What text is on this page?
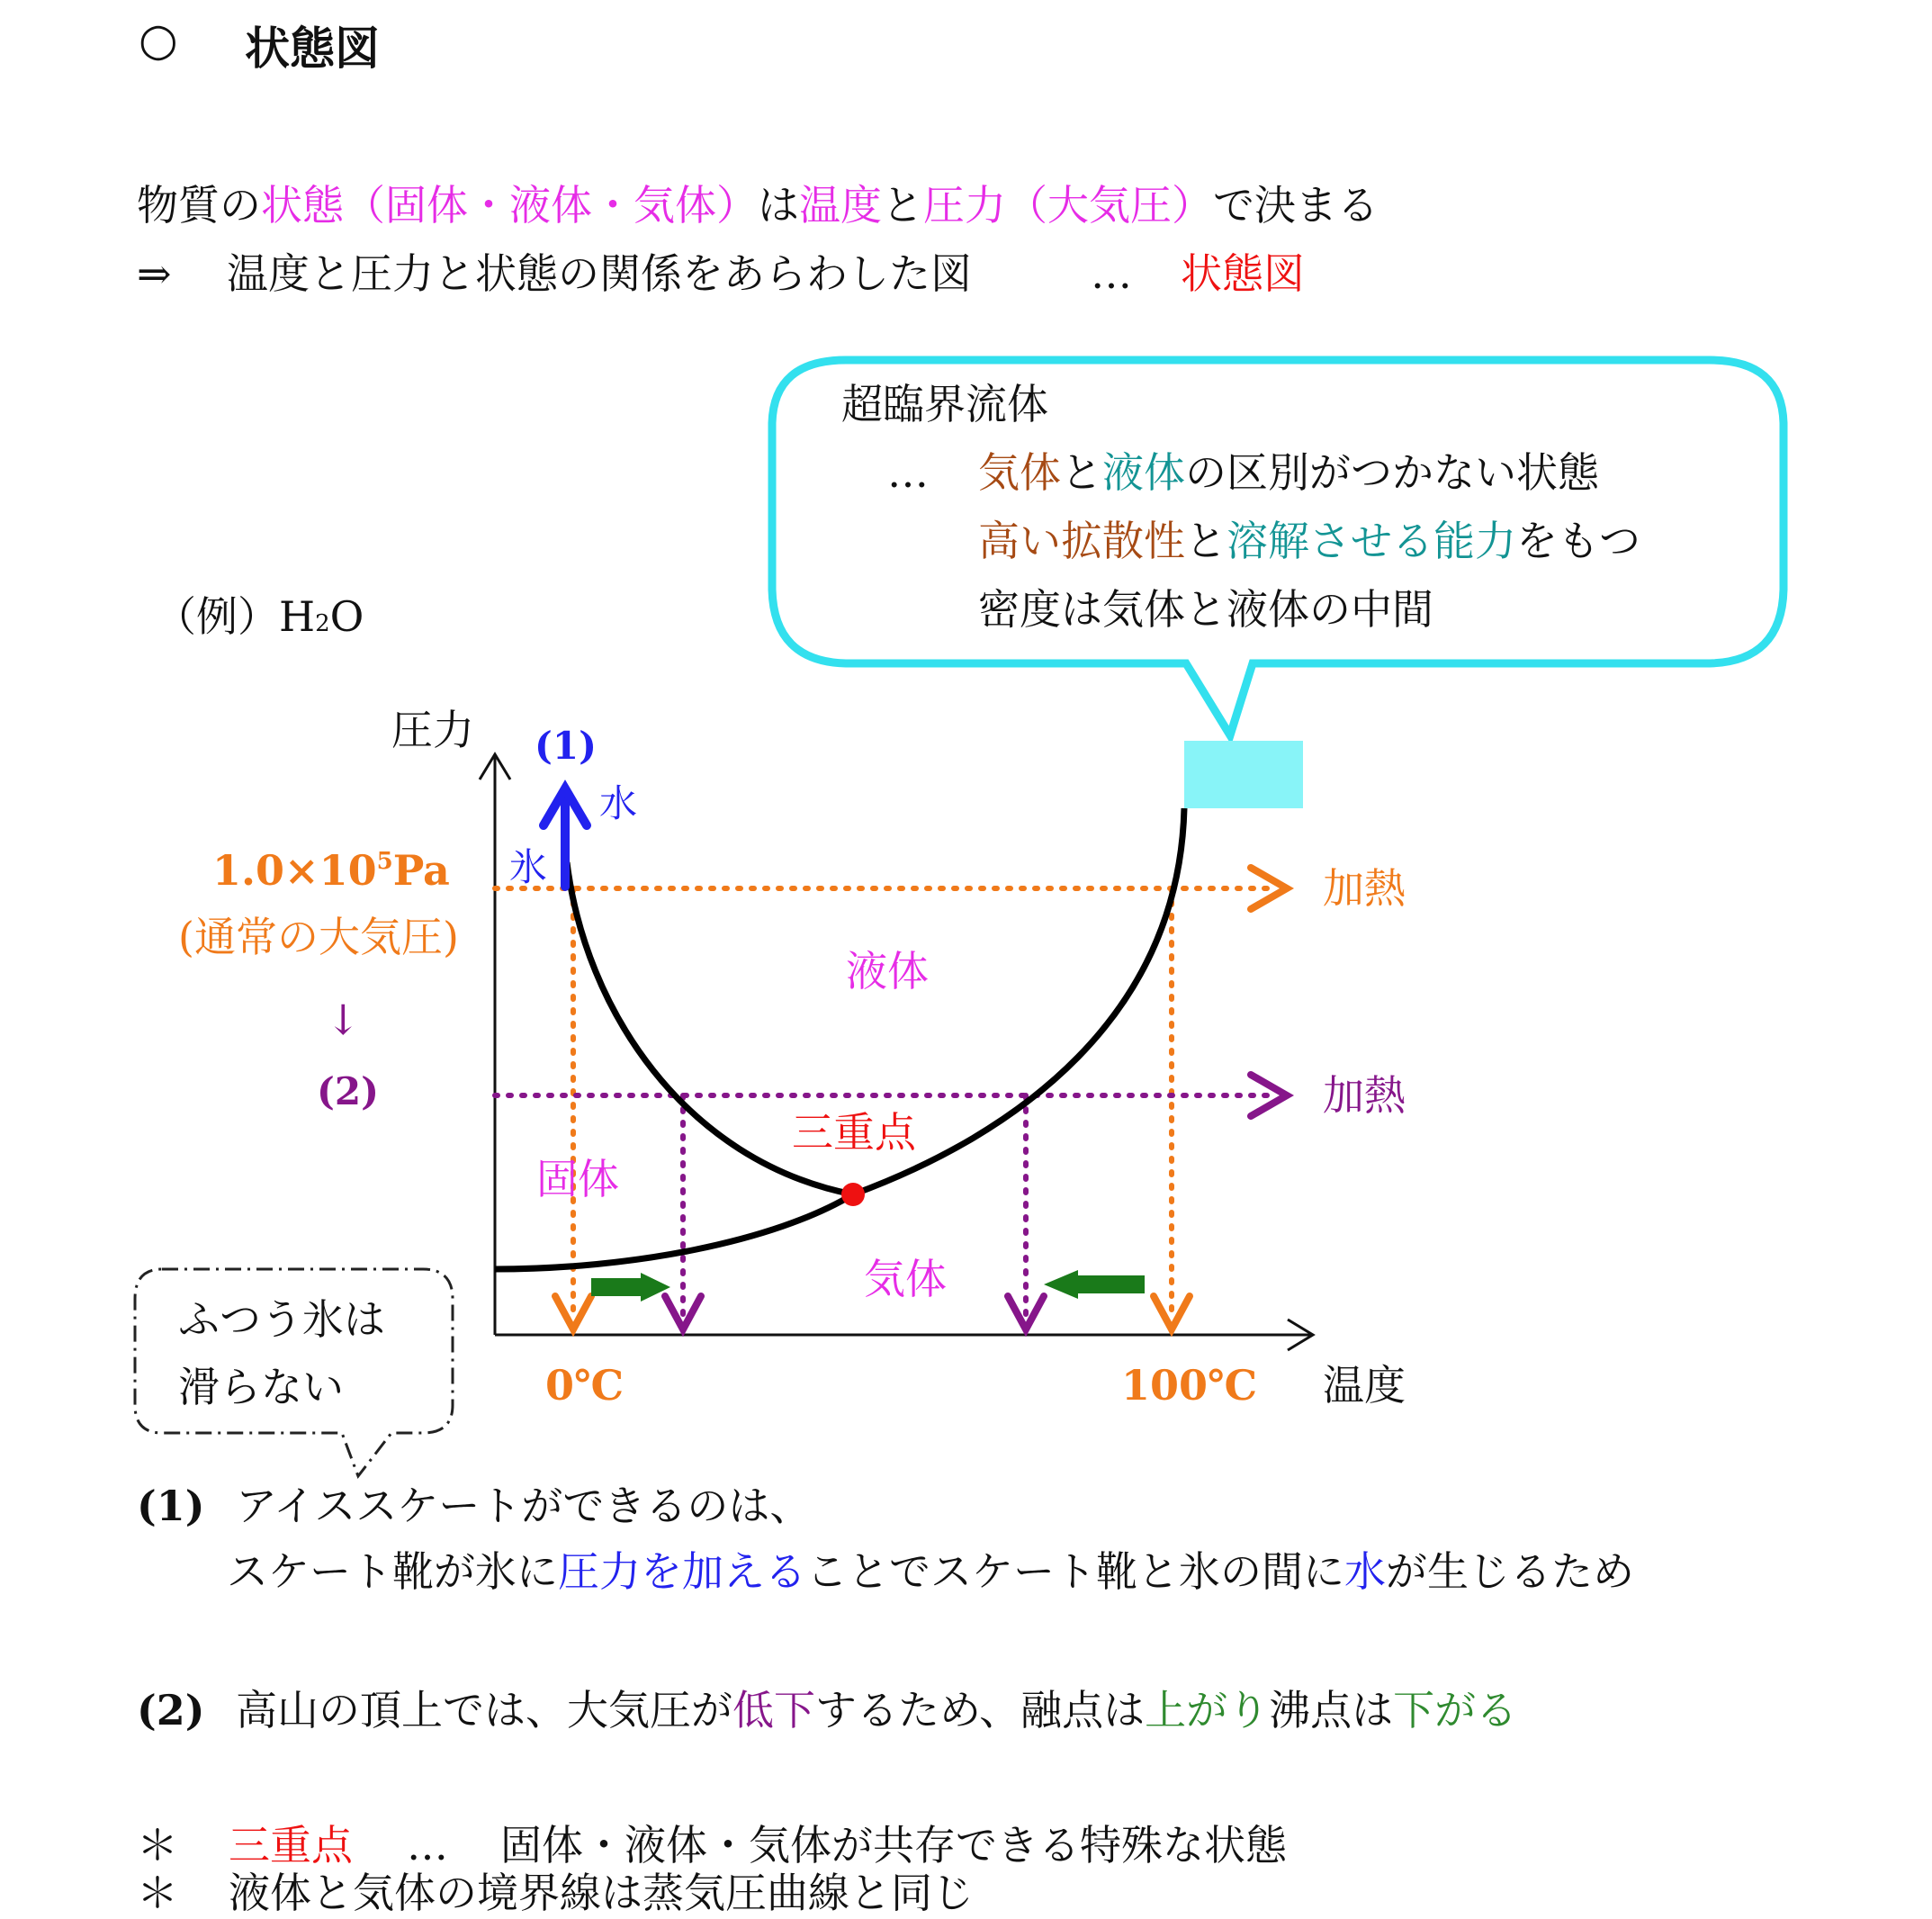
○ 状態図
物質の状態（固体・液体・気体）は温度と圧力（大気圧）で決まる
⇒ 温度と圧力と状態の関係をあらわした図	… 状態図
超臨界流体
… 気体と液体の区別がつかない状態
高い拡散性と溶解させる能力をもつ
密度は気体と液体の中間
（例）H2O
圧力
温度
(1)
水
氷
$1.0\times 10^5Pa$
(通常の大気圧)
↓
(2)
加熱
加熱
液体
固体
気体
三重点
0℃	100℃
ふつう氷は
滑らない
(1) アイススケートができるのは、
スケート靴が氷に圧力を加えることでスケート靴と氷の間に水が生じるため
(2) 高山の頂上では、大気圧が低下するため、融点は上がり沸点は下がる
＊ 三重点 … 固体・液体・気体が共存できる特殊な状態
＊ 液体と気体の境界線は蒸気圧曲線と同じ
